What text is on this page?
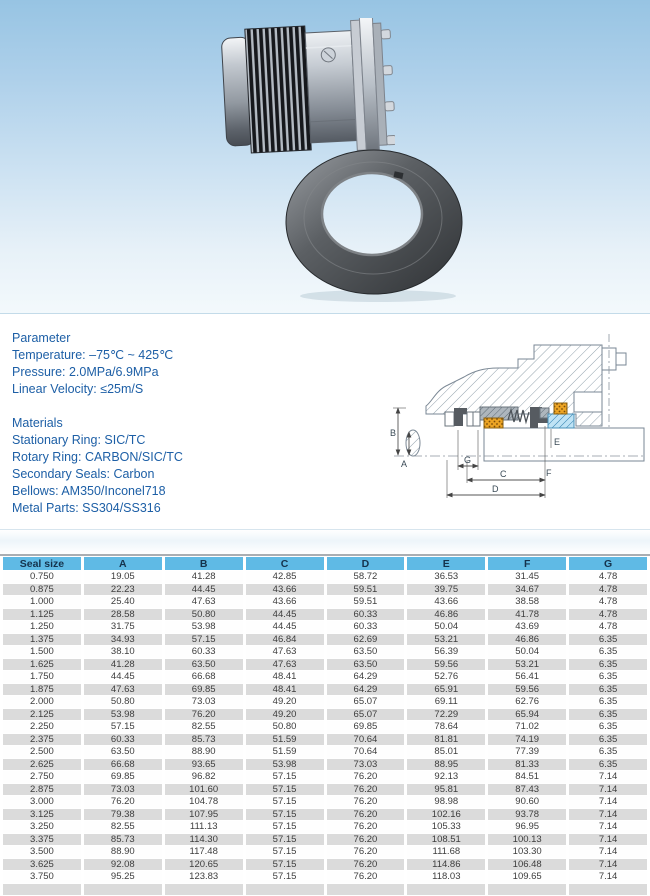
Parameter
Temperature: –75℃ ~ 425℃
Pressure: 2.0MPa/6.9MPa
Linear Velocity: ≤25m/S
Materials
Stationary Ring: SIC/TC
Rotary Ring: CARBON/SIC/TC
Secondary Seals: Carbon
Bellows: AM350/Inconel718
Metal Parts: SS304/SS316
B
A	G
C
D
E
F
Seal size	A	B	C	D	E	F	G
0.750	19.05	41.28	42.85	58.72	36.53	31.45	4.78
0.875	22.23	44.45	43.66	59.51	39.75	34.67	4.78
1.000	25.40	47.63	43.66	59.51	43.66	38.58	4.78
1.125	28.58	50.80	44.45	60.33	46.86	41.78	4.78
1.250	31.75	53.98	44.45	60.33	50.04	43.69	4.78
1.375	34.93	57.15	46.84	62.69	53.21	46.86	6.35
1.500	38.10	60.33	47.63	63.50	56.39	50.04	6.35
1.625	41.28	63.50	47.63	63.50	59.56	53.21	6.35
1.750	44.45	66.68	48.41	64.29	52.76	56.41	6.35
1.875	47.63	69.85	48.41	64.29	65.91	59.56	6.35
2.000	50.80	73.03	49.20	65.07	69.11	62.76	6.35
2.125	53.98	76.20	49.20	65.07	72.29	65.94	6.35
2.250	57.15	82.55	50.80	69.85	78.64	71.02	6.35
2.375	60.33	85.73	51.59	70.64	81.81	74.19	6.35
2.500	63.50	88.90	51.59	70.64	85.01	77.39	6.35
2.625	66.68	93.65	53.98	73.03	88.95	81.33	6.35
2.750	69.85	96.82	57.15	76.20	92.13	84.51	7.14
2.875	73.03	101.60	57.15	76.20	95.81	87.43	7.14
3.000	76.20	104.78	57.15	76.20	98.98	90.60	7.14
3.125	79.38	107.95	57.15	76.20	102.16	93.78	7.14
3.250	82.55	111.13	57.15	76.20	105.33	96.95	7.14
3.375	85.73	114.30	57.15	76.20	108.51	100.13	7.14
3.500	88.90	117.48	57.15	76.20	111.68	103.30	7.14
3.625	92.08	120.65	57.15	76.20	114.86	106.48	7.14
3.750	95.25	123.83	57.15	76.20	118.03	109.65	7.14
